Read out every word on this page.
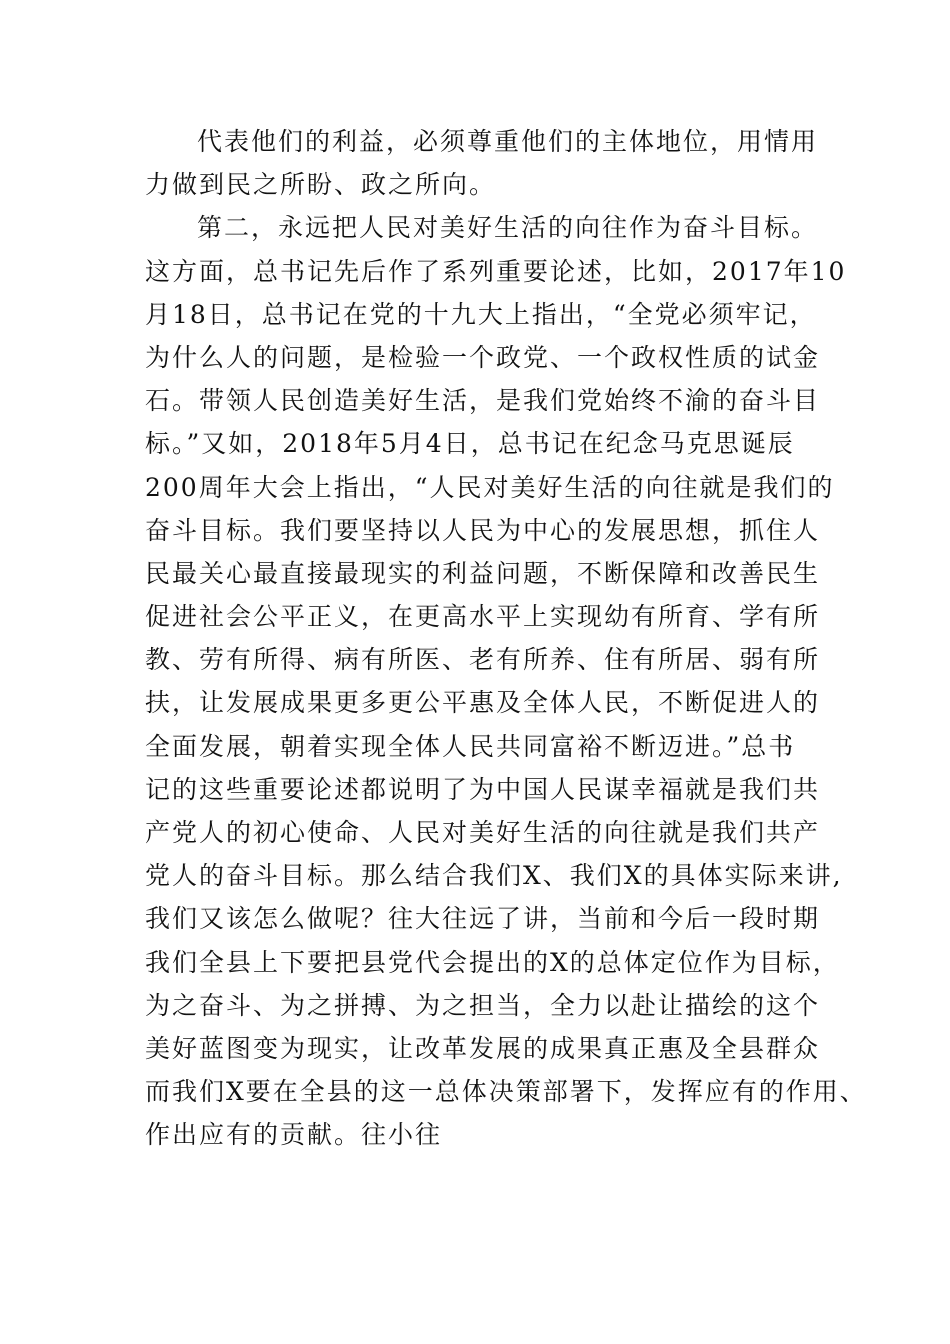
代表他们的利益，必须尊重他们的主体地位，用情用
力做到民之所盼、政之所向。
第二，永远把人民对美好生活的向往作为奋斗目标。
这方面，总书记先后作了系列重要论述，比如，2017年10
月18日，总书记在党的十九大上指出，“全党必须牢记，
为什么人的问题，是检验一个政党、一个政权性质的试金
石。带领人民创造美好生活，是我们党始终不渝的奋斗目
标。”又如，2018年5月4日，总书记在纪念马克思诞辰
200周年大会上指出，“人民对美好生活的向往就是我们的
奋斗目标。我们要坚持以人民为中心的发展思想，抓住人
民最关心最直接最现实的利益问题，不断保障和改善民生
促进社会公平正义，在更高水平上实现幼有所育、学有所
教、劳有所得、病有所医、老有所养、住有所居、弱有所
扶，让发展成果更多更公平惠及全体人民，不断促进人的
全面发展，朝着实现全体人民共同富裕不断迈进。”总书
记的这些重要论述都说明了为中国人民谋幸福就是我们共
产党人的初心使命、人民对美好生活的向往就是我们共产
党人的奋斗目标。那么结合我们X、我们X的具体实际来讲,
我们又该怎么做呢？往大往远了讲，当前和今后一段时期
我们全县上下要把县党代会提出的X的总体定位作为目标，
为之奋斗、为之拼搏、为之担当，全力以赴让描绘的这个
美好蓝图变为现实，让改革发展的成果真正惠及全县群众
而我们X要在全县的这一总体决策部署下，发挥应有的作用、
作出应有的贡献。往小往
